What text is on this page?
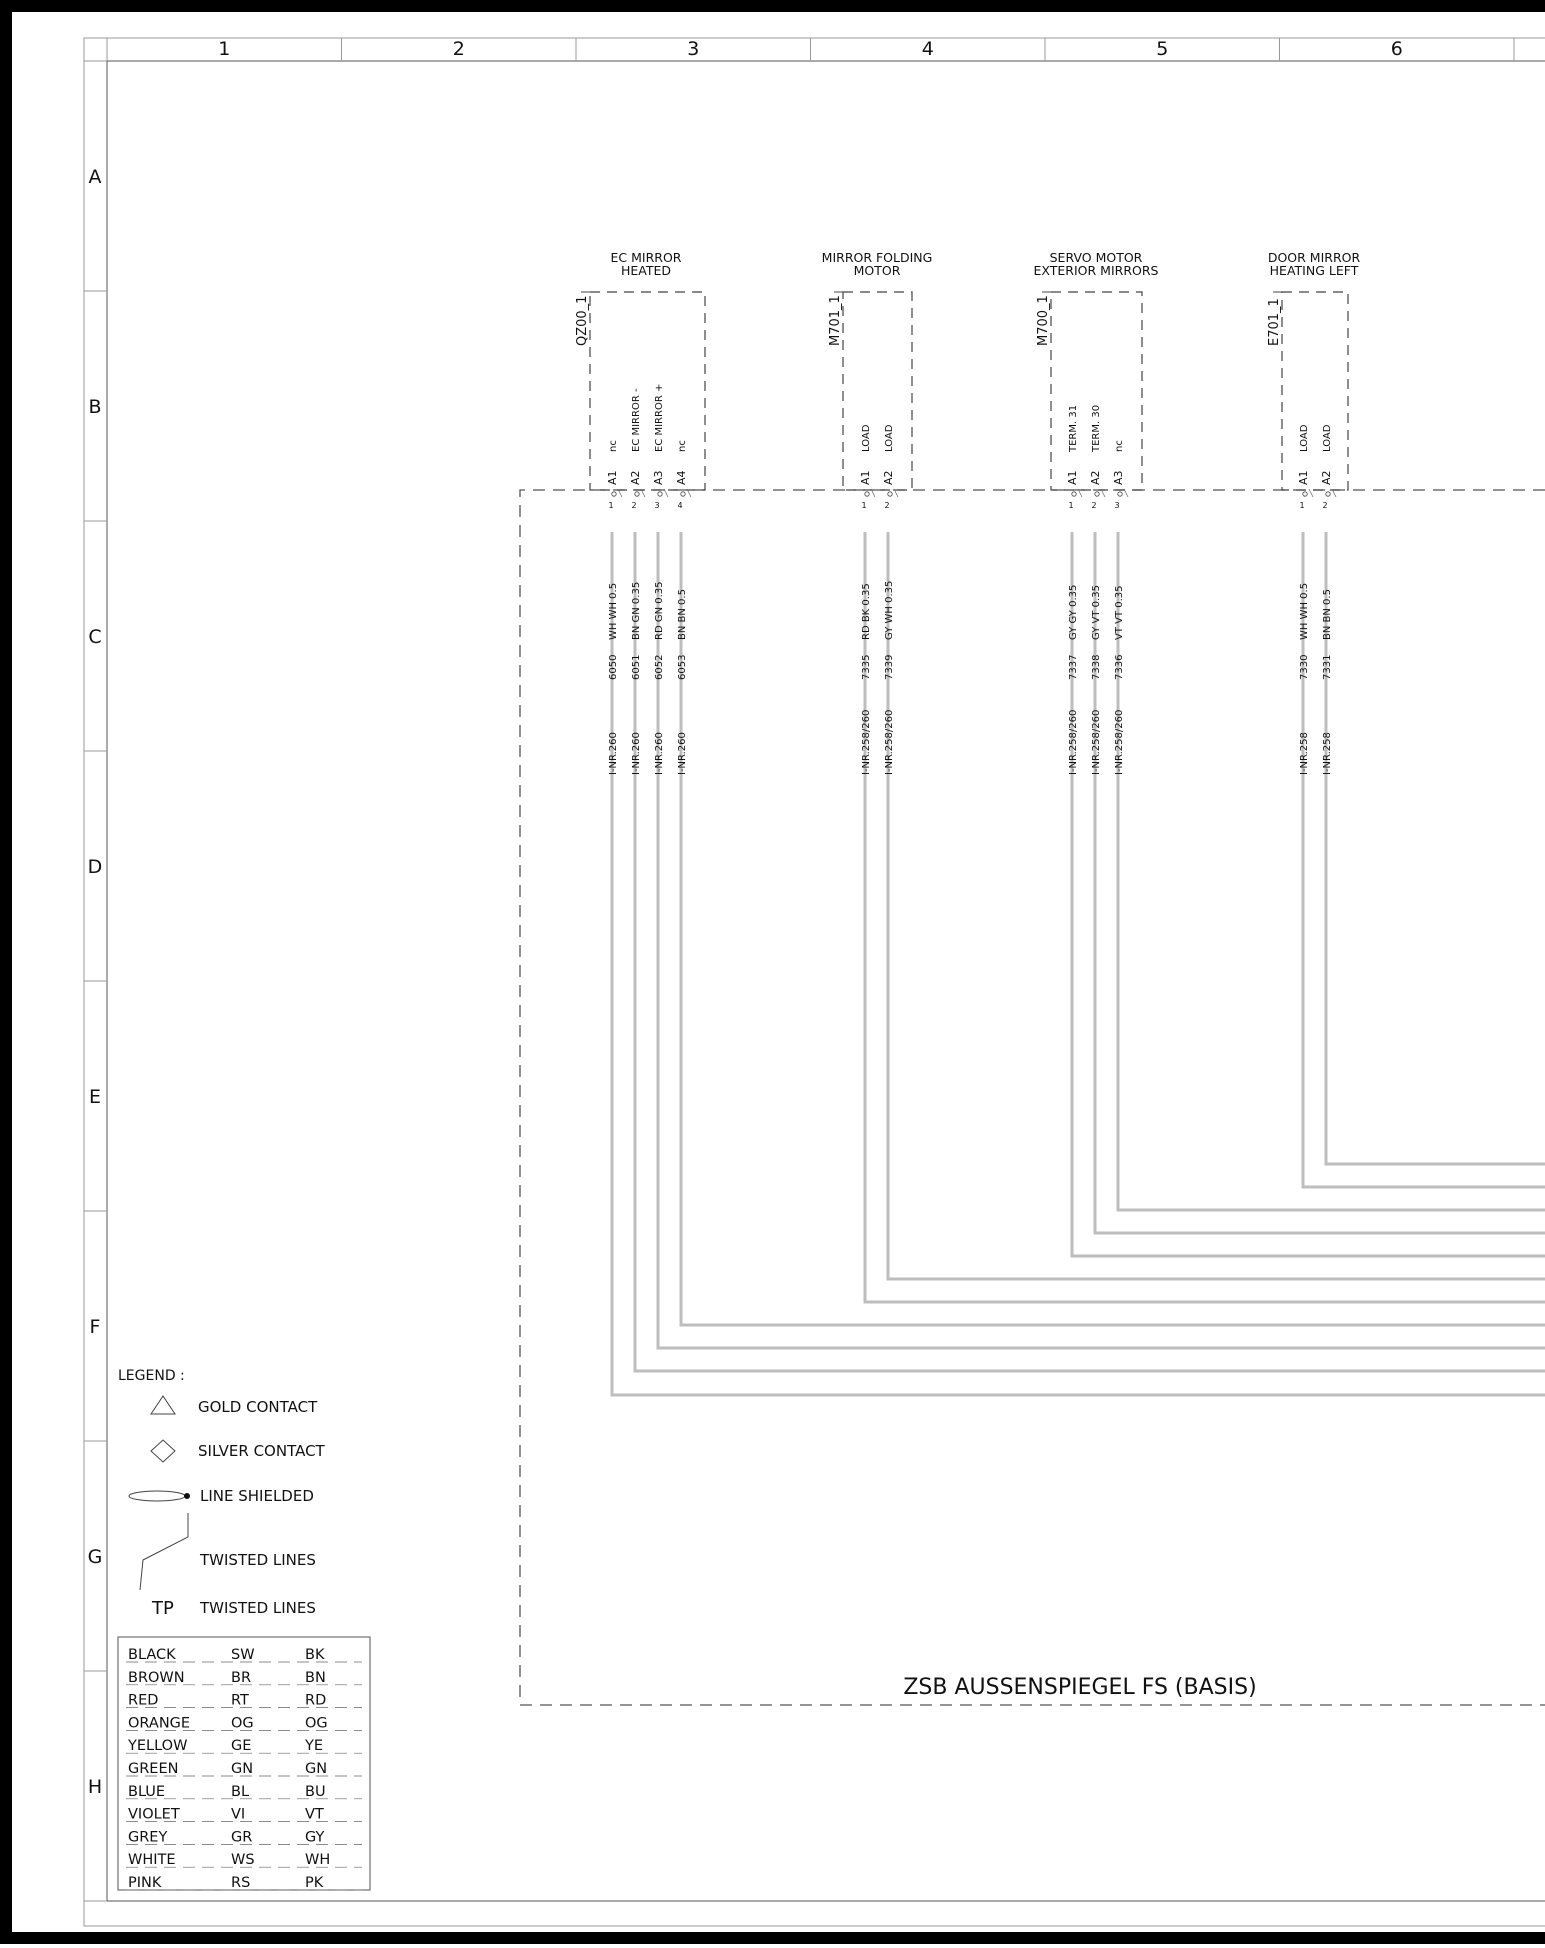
1	2	3	4	5	6
A
B
C
D
E
F
G
H
ZSB AUSSENSPIEGEL FS (BASIS)
EC MIRROR
HEATED
QZ00_1
nc
A1
1
WH WH 0.5
6050
I-NR.260
EC MIRROR -
A2
2
BN GN 0.35
6051
I-NR.260
EC MIRROR +
A3
3
RD GN 0.35
6052
I-NR.260
nc
A4
4
BN BN 0.5
6053
I-NR.260
MIRROR FOLDING
MOTOR
M701_1
LOAD
A1
1
RD BK 0.35
7335
I-NR.258/260
LOAD
A2
2
GY WH 0.35
7339
I-NR.258/260
SERVO MOTOR
EXTERIOR MIRRORS
M700_1
TERM. 31
A1
1
GY GY 0.35
7337
I-NR.258/260
TERM. 30
A2
2
GY VT 0.35
7338
I-NR.258/260
nc
A3
3
VT VT 0.35
7336
I-NR.258/260
DOOR MIRROR
HEATING LEFT
E701_1
LOAD
A1
1
WH WH 0.5
7330
I-NR.258
LOAD
A2
2
BN BN 0.5
7331
I-NR.258
LEGEND :
GOLD CONTACT
SILVER CONTACT
LINE SHIELDED
TWISTED LINES
TP TWISTED LINES
BLACK	SW	BK
BROWN	BR	BN
RED	RT	RD
ORANGE	OG	OG
YELLOW	GE	YE
GREEN	GN	GN
BLUE	BL	BU
VIOLET	VI	VT
GREY	GR	GY
WHITE	WS	WH
PINK	RS	PK
